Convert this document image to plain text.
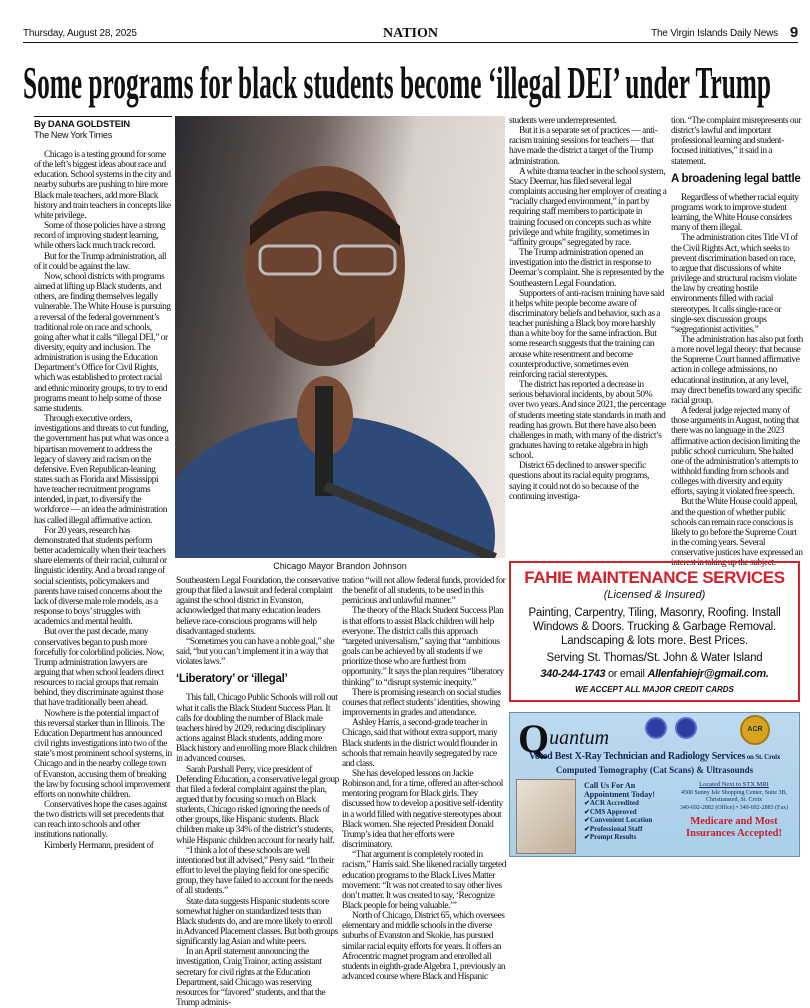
Thursday, August 28, 2025	NATION	The Virgin Islands Daily News 9
Some programs for black students become ‘illegal DEI’ under Trump
By DANA GOLDSTEIN
The New York Times

Chicago is a testing ground for some of the left’s biggest ideas about race and education. School systems in the city and nearby suburbs are pushing to hire more Black male teachers, add more Black history and train teachers in concepts like white privilege.

Some of those policies have a strong record of improving student learning, while others lack much track record.

But for the Trump administration, all of it could be against the law.

Now, school districts with programs aimed at lifting up Black students, and others, are finding themselves legally vulnerable. The White House is pursuing a reversal of the federal government’s traditional role on race and schools, going after what it calls “illegal DEI,” or diversity, equity and inclusion. The administration is using the Education Department’s Office for Civil Rights, which was established to protect racial and ethnic minority groups, to try to end programs meant to help some of those same students.

Through executive orders, investigations and threats to cut funding, the government has put what was once a bipartisan movement to address the legacy of slavery and racism on the defensive. Even Republican-leaning states such as Florida and Mississippi have teacher recruitment programs intended, in part, to diversify the workforce — an idea the administration has called illegal affirmative action.

For 20 years, research has demonstrated that students perform better academically when their teachers share elements of their racial, cultural or linguistic identity. And a broad range of social scientists, policymakers and parents have raised concerns about the lack of diverse male role models, as a response to boys’ struggles with academics and mental health.

But over the past decade, many conservatives began to push more forcefully for colorblind policies. Now, Trump administration lawyers are arguing that when school leaders direct resources to racial groups that remain behind, they discriminate against those that have traditionally been ahead.

Nowhere is the potential impact of this reversal starker than in Illinois. The Education Department has announced civil rights investigations into two of the state’s most prominent school systems, in Chicago and in the nearby college town of Evanston, accusing them of breaking the law by focusing school improvement efforts on nonwhite children.

Conservatives hope the cases against the two districts will set precedents that can reach into schools and other institutions nationally.

Kimberly Hermann, president of

Chicago Mayor Brandon Johnson

Southeastern Legal Foundation, the conservative group that filed a lawsuit and federal complaint against the school district in Evanston, acknowledged that many education leaders believe race-conscious programs will help disadvantaged students.

“Sometimes you can have a noble goal,” she said, “but you can’t implement it in a way that violates laws.”

‘Liberatory’ or ‘illegal’

This fall, Chicago Public Schools will roll out what it calls the Black Student Success Plan. It calls for doubling the number of Black male teachers hired by 2029, reducing disciplinary actions against Black students, adding more Black history and enrolling more Black children in advanced courses.

Sarah Parshall Perry, vice president of Defending Education, a conservative legal group that filed a federal complaint against the plan, argued that by focusing so much on Black students, Chicago risked ignoring the needs of other groups, like Hispanic students. Black children make up 34% of the district’s students, while Hispanic children account for nearly half.

“I think a lot of these schools are well intentioned but ill advised,” Perry said. “In their effort to level the playing field for one specific group, they have failed to account for the needs of all students.”

State data suggests Hispanic students score somewhat higher on standardized tests than Black students do, and are more likely to enroll in Advanced Placement classes. But both groups significantly lag Asian and white peers.

In an April statement announcing the investigation, Craig Trainor, acting assistant secretary for civil rights at the Education Department, said Chicago was reserving resources for “favored” students, and that the Trump adminis-

tration “will not allow federal funds, provided for the benefit of all students, to be used in this pernicious and unlawful manner.”

The theory of the Black Student Success Plan is that efforts to assist Black children will help everyone. The district calls this approach “targeted universalism,” saying that “ambitious goals can be achieved by all students if we prioritize those who are furthest from opportunity.” It says the plan requires “liberatory thinking” to “disrupt systemic inequity.”

There is promising research on social studies courses that reflect students’ identities, showing improvements in grades and attendance.

Ashley Harris, a second-grade teacher in Chicago, said that without extra support, many Black students in the district would flounder in schools that remain heavily segregated by race and class.

She has developed lessons on Jackie Robinson and, for a time, offered an after-school mentoring program for Black girls. They discussed how to develop a positive self-identity in a world filled with negative stereotypes about Black women. She rejected President Donald Trump’s idea that her efforts were discriminatory.

“That argument is completely rooted in racism,” Harris said. She likened racially targeted education programs to the Black Lives Matter movement: “It was not created to say other lives don’t matter. It was created to say, ‘Recognize Black people for being valuable.’”

North of Chicago, District 65, which oversees elementary and middle schools in the diverse suburbs of Evanston and Skokie, has pursued similar racial equity efforts for years. It offers an Afrocentric magnet program and enrolled all students in eighth-grade Algebra 1, previously an advanced course where Black and Hispanic

students were underrepresented.

But it is a separate set of practices — anti-racism training sessions for teachers — that have made the district a target of the Trump administration.

A white drama teacher in the school system, Stacy Deemar, has filed several legal complaints accusing her employer of creating a “racially charged environment,” in part by requiring staff members to participate in training focused on concepts such as white privilege and white fragility, sometimes in “affinity groups” segregated by race.

The Trump administration opened an investigation into the district in response to Deemar’s complaint. She is represented by the Southeastern Legal Foundation.

Supporters of anti-racism training have said it helps white people become aware of discriminatory beliefs and behavior, such as a teacher punishing a Black boy more harshly than a white boy for the same infraction. But some research suggests that the training can arouse white resentment and become counterproductive, sometimes even reinforcing racial stereotypes.

The district has reported a decrease in serious behavioral incidents, by about 50% over two years. And since 2021, the percentage of students meeting state standards in math and reading has grown. But there have also been challenges in math, with many of the district’s graduates having to retake algebra in high school.

District 65 declined to answer specific questions about its racial equity programs, saying it could not do so because of the continuing investiga-

tion. “The complaint misrepresents our district’s lawful and important professional learning and student-focused initiatives,” it said in a statement.

A broadening legal battle

Regardless of whether racial equity programs work to improve student learning, the White House considers many of them illegal.

The administration cites Title VI of the Civil Rights Act, which seeks to prevent discrimination based on race, to argue that discussions of white privilege and structural racism violate the law by creating hostile environments filled with racial stereotypes. It calls single-race or single-sex discussion groups “segregationist activities.”

The administration has also put forth a more novel legal theory: that because the Supreme Court banned affirmative action in college admissions, no educational institution, at any level, may direct benefits toward any specific racial group.

A federal judge rejected many of those arguments in August, noting that there was no language in the 2023 affirmative action decision limiting the public school curriculum. She halted one of the administration’s attempts to withhold funding from schools and colleges with diversity and equity efforts, saying it violated free speech.

But the White House could appeal, and the question of whether public schools can remain race conscious is likely to go before the Supreme Court in the coming years. Several conservative justices have expressed an interest in taking up the subject.

FAHIE MAINTENANCE SERVICES
(Licensed & Insured)
Painting, Carpentry, Tiling, Masonry, Roofing. Install Windows & Doors. Trucking & Garbage Removal. Landscaping & lots more. Best Prices.
Serving St. Thomas/St. John & Water Island
340-244-1743 or email Allenfahiejr@gmail.com.
WE ACCEPT ALL MAJOR CREDIT CARDS
Quantum	ACR
Voted Best X-Ray Technician and Radiology Services on St. Croix
Computed Tomography (Cat Scans) & Ultrasounds
Call Us For An Appointment Today!
✔ACR Accredited
✔CMS Approved
✔Convenient Location
✔Professional Staff
✔Prompt Results
Located Next to STX MRI
4500 Sunny Isle Shopping Center, Suite 3B, Christiansted, St. Croix
340-692-2882 (Office) • 340-692-2883 (Fax)
Medicare and Most Insurances Accepted!
